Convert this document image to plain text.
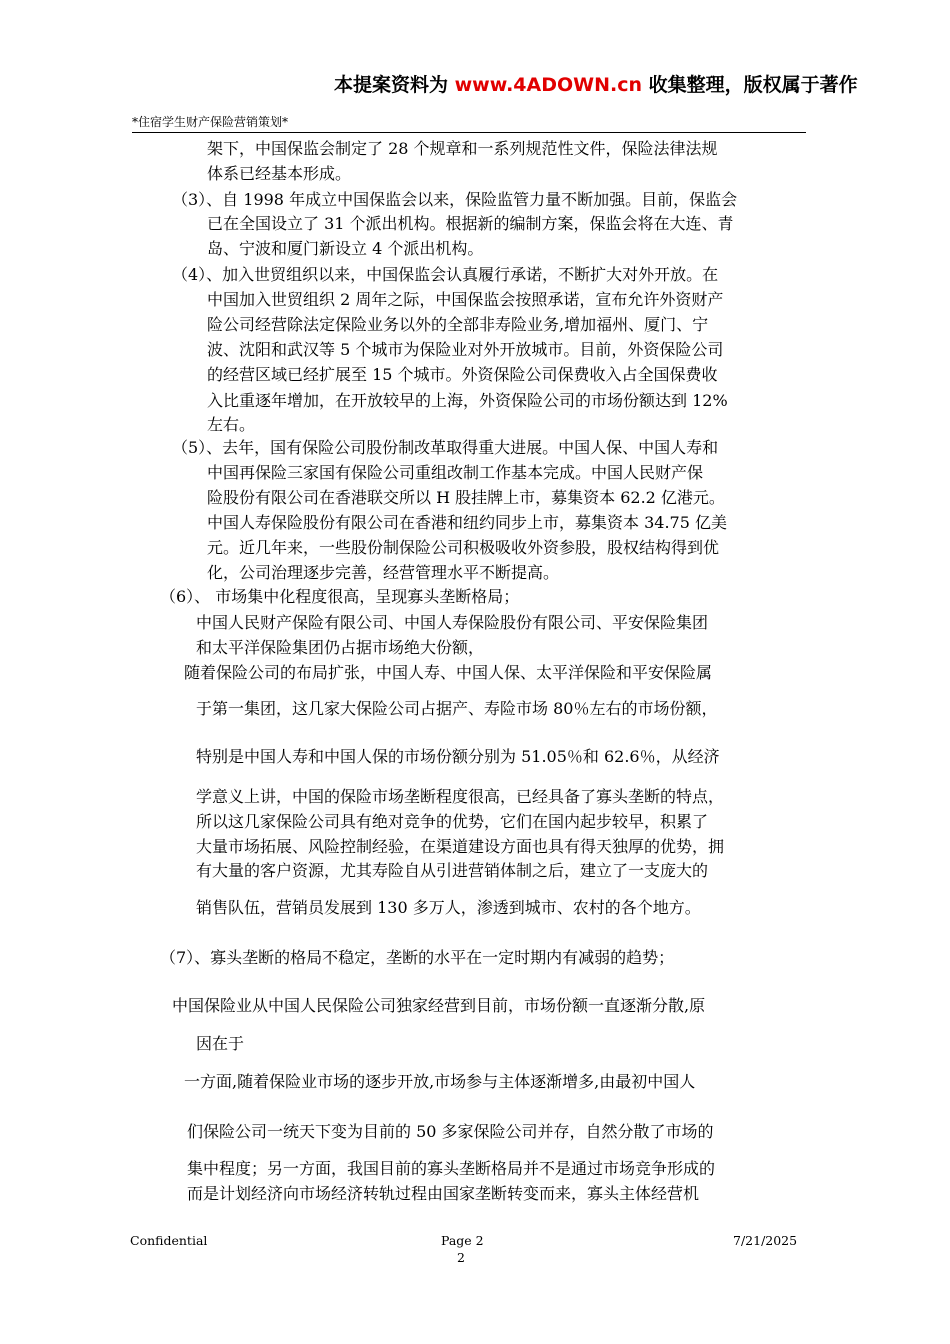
本提案资料为 www.4ADOWN.cn 收集整理，版权属于著作
*住宿学生财产保险营销策划*
架下，中国保监会制定了 28 个规章和一系列规范性文件，保险法律法规
体系已经基本形成。
（3）、自 1998 年成立中国保监会以来，保险监管力量不断加强。目前，保监会
已在全国设立了 31 个派出机构。根据新的编制方案，保监会将在大连、青
岛、宁波和厦门新设立 4 个派出机构。
（4）、加入世贸组织以来，中国保监会认真履行承诺，不断扩大对外开放。在
中国加入世贸组织 2 周年之际，中国保监会按照承诺，宣布允许外资财产
险公司经营除法定保险业务以外的全部非寿险业务,增加福州、厦门、宁
波、沈阳和武汉等 5 个城市为保险业对外开放城市。目前，外资保险公司
的经营区域已经扩展至 15 个城市。外资保险公司保费收入占全国保费收
入比重逐年增加，在开放较早的上海，外资保险公司的市场份额达到 12%
左右。
（5）、去年，国有保险公司股份制改革取得重大进展。中国人保、中国人寿和
中国再保险三家国有保险公司重组改制工作基本完成。中国人民财产保
险股份有限公司在香港联交所以 H 股挂牌上市，募集资本 62.2 亿港元。
中国人寿保险股份有限公司在香港和纽约同步上市，募集资本 34.75 亿美
元。近几年来，一些股份制保险公司积极吸收外资参股，股权结构得到优
化，公司治理逐步完善，经营管理水平不断提高。
（6）、 市场集中化程度很高，呈现寡头垄断格局；
中国人民财产保险有限公司、中国人寿保险股份有限公司、平安保险集团
和太平洋保险集团仍占据市场绝大份额，
随着保险公司的布局扩张，中国人寿、中国人保、太平洋保险和平安保险属
于第一集团，这几家大保险公司占据产、寿险市场 80％左右的市场份额，
特别是中国人寿和中国人保的市场份额分别为 51.05％和 62.6％，从经济
学意义上讲，中国的保险市场垄断程度很高，已经具备了寡头垄断的特点，
所以这几家保险公司具有绝对竞争的优势，它们在国内起步较早，积累了
大量市场拓展、风险控制经验，在渠道建设方面也具有得天独厚的优势，拥
有大量的客户资源，尤其寿险自从引进营销体制之后，建立了一支庞大的
销售队伍，营销员发展到 130 多万人，渗透到城市、农村的各个地方。
（7）、寡头垄断的格局不稳定，垄断的水平在一定时期内有减弱的趋势；
中国保险业从中国人民保险公司独家经营到目前，市场份额一直逐渐分散,原
因在于
一方面,随着保险业市场的逐步开放,市场参与主体逐渐增多,由最初中国人
们保险公司一统天下变为目前的 50 多家保险公司并存，自然分散了市场的
集中程度；另一方面，我国目前的寡头垄断格局并不是通过市场竞争形成的
而是计划经济向市场经济转轨过程由国家垄断转变而来，寡头主体经营机
Confidential	Page 2
2
7/21/2025
